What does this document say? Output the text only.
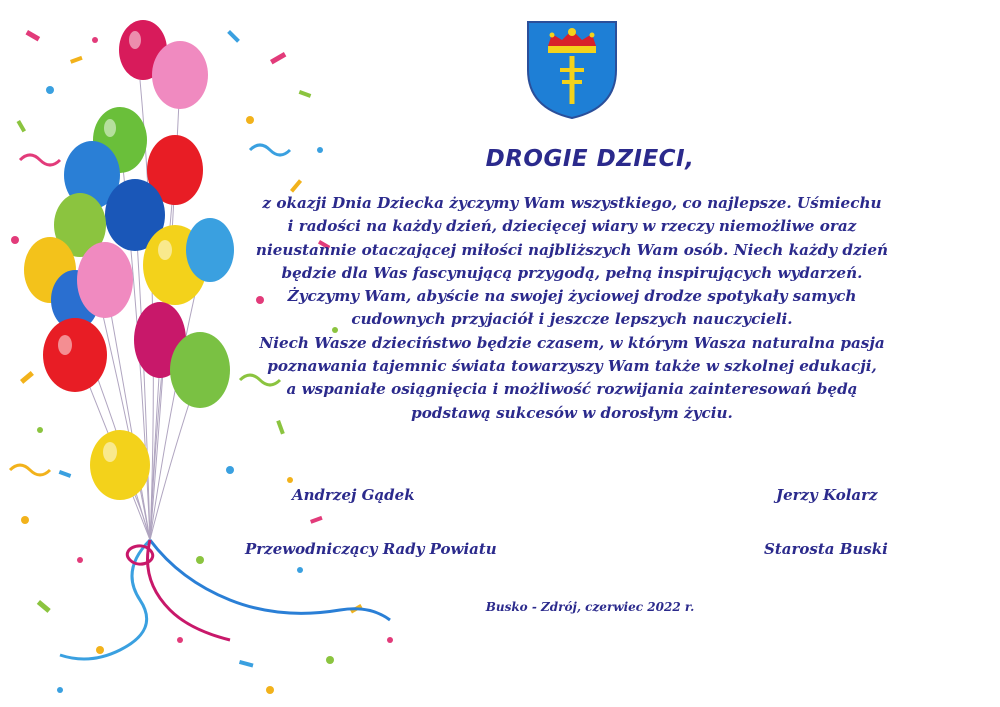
DROGIE DZIECI,
z okazji Dnia Dziecka życzymy Wam wszystkiego, co najlepsze. Uśmiechu
i radości na każdy dzień, dziecięcej wiary w rzeczy niemożliwe oraz
nieustannie otaczającej miłości najbliższych Wam osób. Niech każdy dzień
będzie dla Was fascynującą przygodą, pełną inspirujących wydarzeń.
Życzymy Wam, abyście na swojej życiowej drodze spotykały samych
cudownych przyjaciół i jeszcze lepszych nauczycieli.
Niech Wasze dzieciństwo będzie czasem, w którym Wasza naturalna pasja
poznawania tajemnic świata towarzyszy Wam także w szkolnej edukacji,
a wspaniałe osiągnięcia i możliwość rozwijania zainteresowań będą
podstawą sukcesów w dorosłym życiu.
Andrzej Gądek
Przewodniczący Rady Powiatu
Jerzy Kolarz
Starosta Buski
Busko - Zdrój, czerwiec 2022 r.
